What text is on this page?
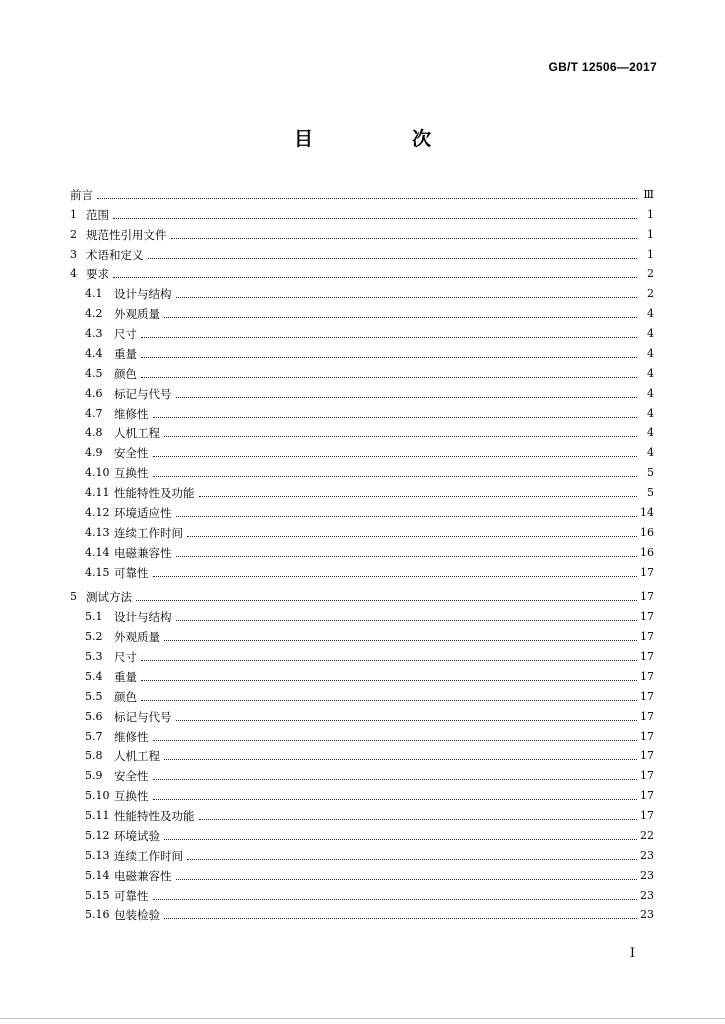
GB/T 12506—2017
目　次
前言	Ⅲ
1 范围	1
2 规范性引用文件	1
3 术语和定义	1
4 要求	2
4.1	设计与结构	2
4.2	外观质量	4
4.3	尺寸	4
4.4	重量	4
4.5	颜色	4
4.6	标记与代号	4
4.7	维修性	4
4.8	人机工程	4
4.9	安全性	4
4.10 互换性	5
4.11 性能特性及功能	5
4.12 环境适应性	14
4.13 连续工作时间	16
4.14 电磁兼容性	16
4.15 可靠性	17
5 测试方法	17
5.1	设计与结构	17
5.2	外观质量	17
5.3	尺寸	17
5.4	重量	17
5.5	颜色	17
5.6	标记与代号	17
5.7	维修性	17
5.8	人机工程	17
5.9	安全性	17
5.10 互换性	17
5.11 性能特性及功能	17
5.12 环境试验	22
5.13 连续工作时间	23
5.14 电磁兼容性	23
5.15 可靠性	23
5.16 包装检验	23
I
